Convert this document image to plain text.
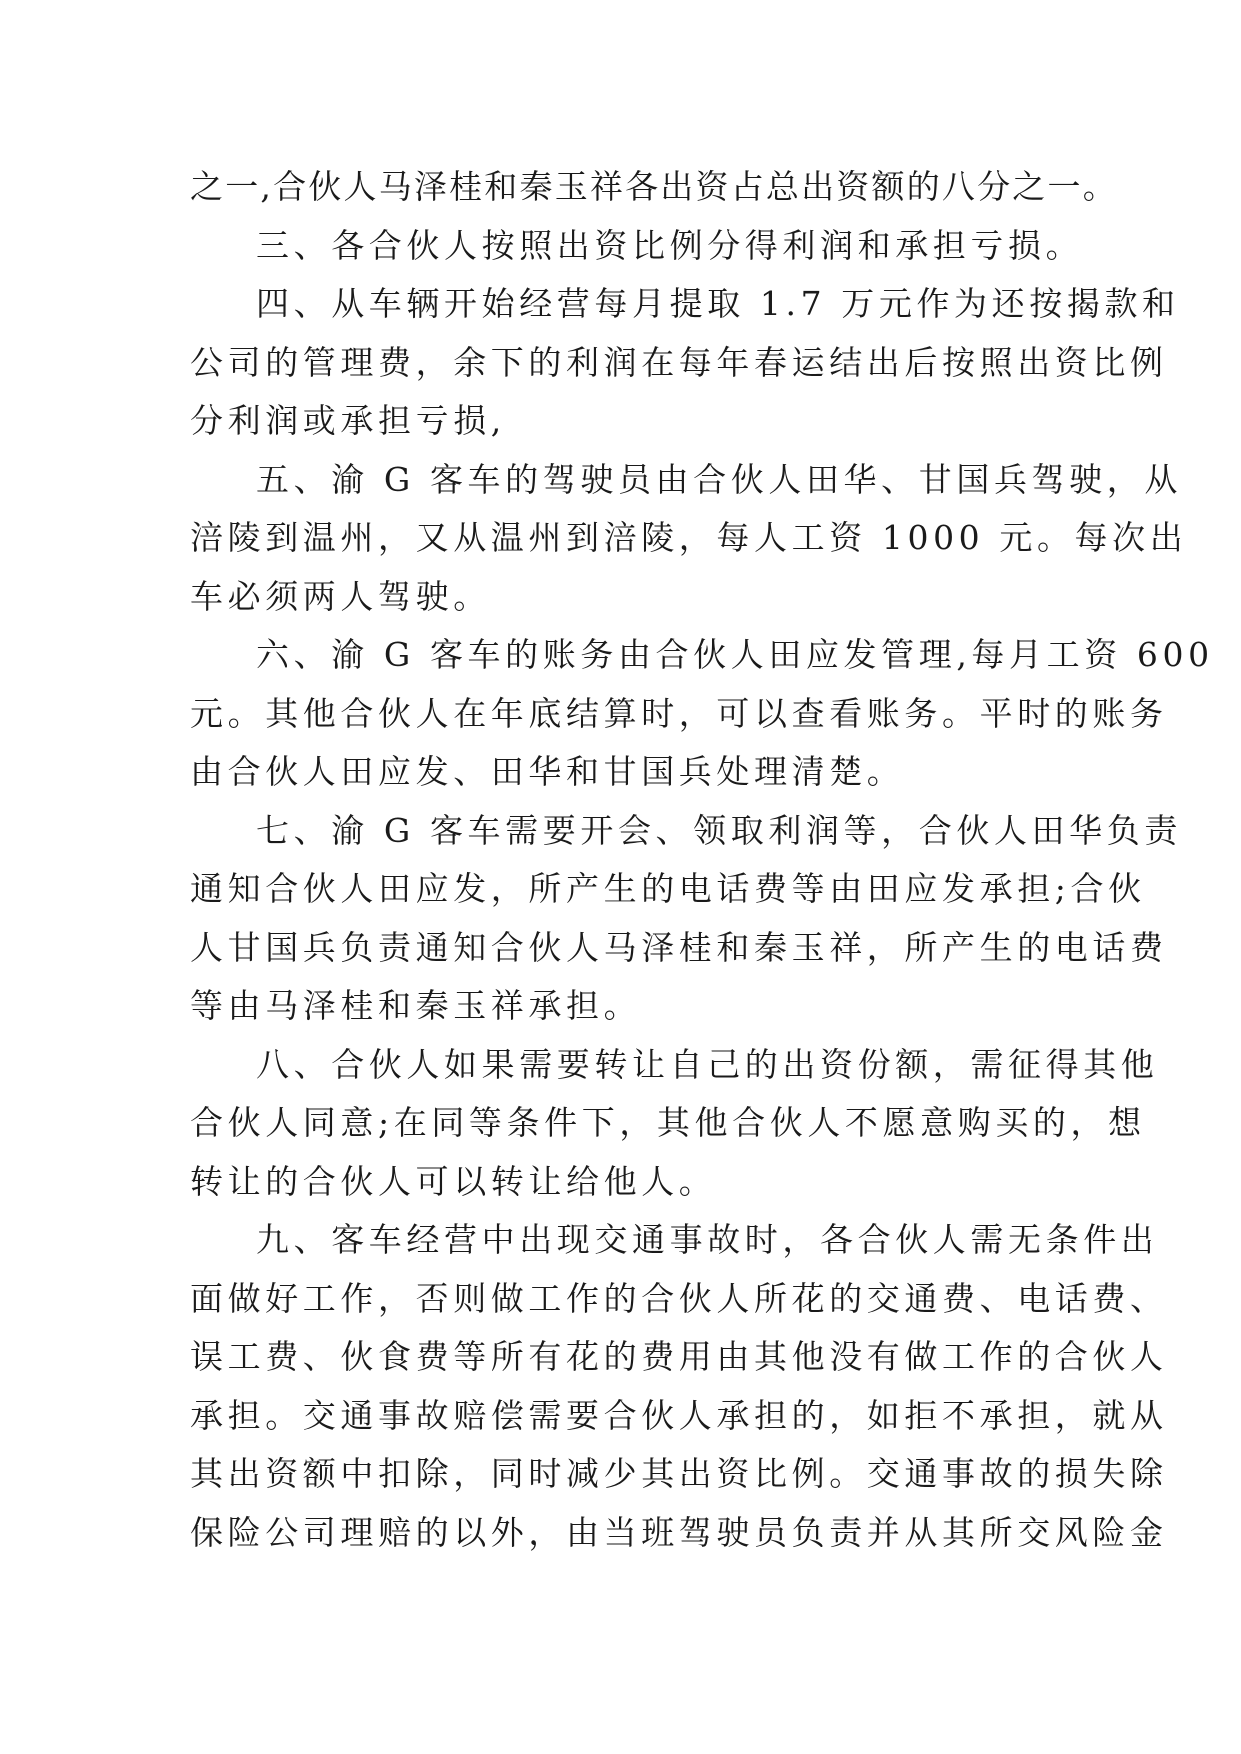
之一,合伙人马泽桂和秦玉祥各出资占总出资额的八分之一。
三、各合伙人按照出资比例分得利润和承担亏损。
四、从车辆开始经营每月提取 1.7 万元作为还按揭款和
公司的管理费，余下的利润在每年春运结出后按照出资比例
分利润或承担亏损,
五、渝 G 客车的驾驶员由合伙人田华、甘国兵驾驶，从
涪陵到温州，又从温州到涪陵，每人工资 1000 元。每次出
车必须两人驾驶。
六、渝 G 客车的账务由合伙人田应发管理,每月工资 600
元。其他合伙人在年底结算时，可以查看账务。平时的账务
由合伙人田应发、田华和甘国兵处理清楚。
七、渝 G 客车需要开会、领取利润等，合伙人田华负责
通知合伙人田应发，所产生的电话费等由田应发承担;合伙
人甘国兵负责通知合伙人马泽桂和秦玉祥，所产生的电话费
等由马泽桂和秦玉祥承担。
八、合伙人如果需要转让自己的出资份额，需征得其他
合伙人同意;在同等条件下，其他合伙人不愿意购买的，想
转让的合伙人可以转让给他人。
九、客车经营中出现交通事故时，各合伙人需无条件出
面做好工作，否则做工作的合伙人所花的交通费、电话费、
误工费、伙食费等所有花的费用由其他没有做工作的合伙人
承担。交通事故赔偿需要合伙人承担的，如拒不承担，就从
其出资额中扣除，同时减少其出资比例。交通事故的损失除
保险公司理赔的以外，由当班驾驶员负责并从其所交风险金
